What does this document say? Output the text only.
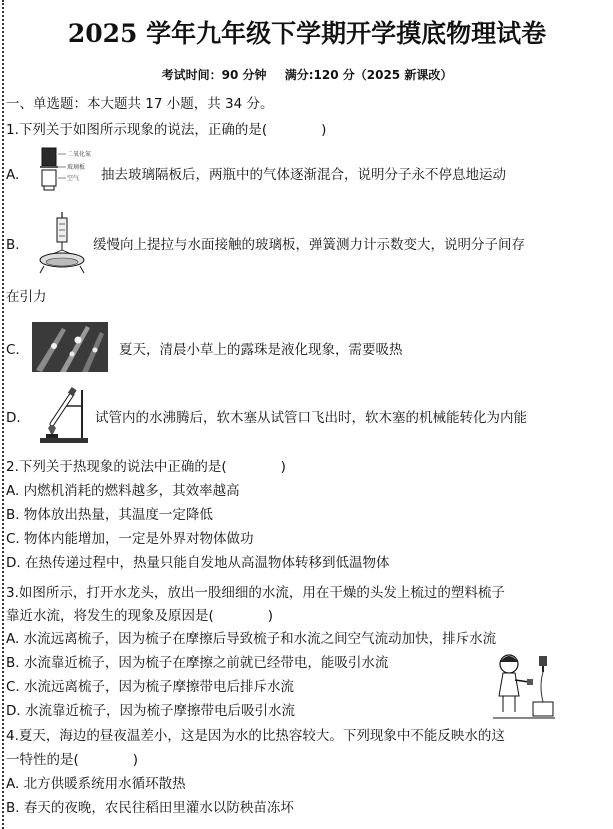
2025 学年九年级下学期开学摸底物理试卷
考试时间：90 分钟 满分:120 分（2025 新课改）
一、单选题：本大题共 17 小题，共 34 分。
1.下列关于如图所示现象的说法，正确的是(　　　　)
A.
二氧化氮
玻璃板
空气 抽去玻璃隔板后，两瓶中的气体逐渐混合，说明分子永不停息地运动
B.	缓慢向上提拉与水面接触的玻璃板，弹簧测力计示数变大，说明分子间存
在引力
C.	夏天，清晨小草上的露珠是液化现象，需要吸热
D.	试管内的水沸腾后，软木塞从试管口飞出时，软木塞的机械能转化为内能
2.下列关于热现象的说法中正确的是(　　　　)
A. 内燃机消耗的燃料越多，其效率越高
B. 物体放出热量，其温度一定降低
C. 物体内能增加，一定是外界对物体做功
D. 在热传递过程中，热量只能自发地从高温物体转移到低温物体
3.如图所示，打开水龙头，放出一股细细的水流，用在干燥的头发上梳过的塑料梳子
靠近水流，将发生的现象及原因是(　　　　)
A. 水流远离梳子，因为梳子在摩擦后导致梳子和水流之间空气流动加快，排斥水流
B. 水流靠近梳子，因为梳子在摩擦之前就已经带电，能吸引水流
C. 水流远离梳子，因为梳子摩擦带电后排斥水流
D. 水流靠近梳子，因为梳子摩擦带电后吸引水流
4.夏天，海边的昼夜温差小，这是因为水的比热容较大。下列现象中不能反映水的这
一特性的是(　　　　)
A. 北方供暖系统用水循环散热
B. 春天的夜晚，农民往稻田里灌水以防秧苗冻坏
